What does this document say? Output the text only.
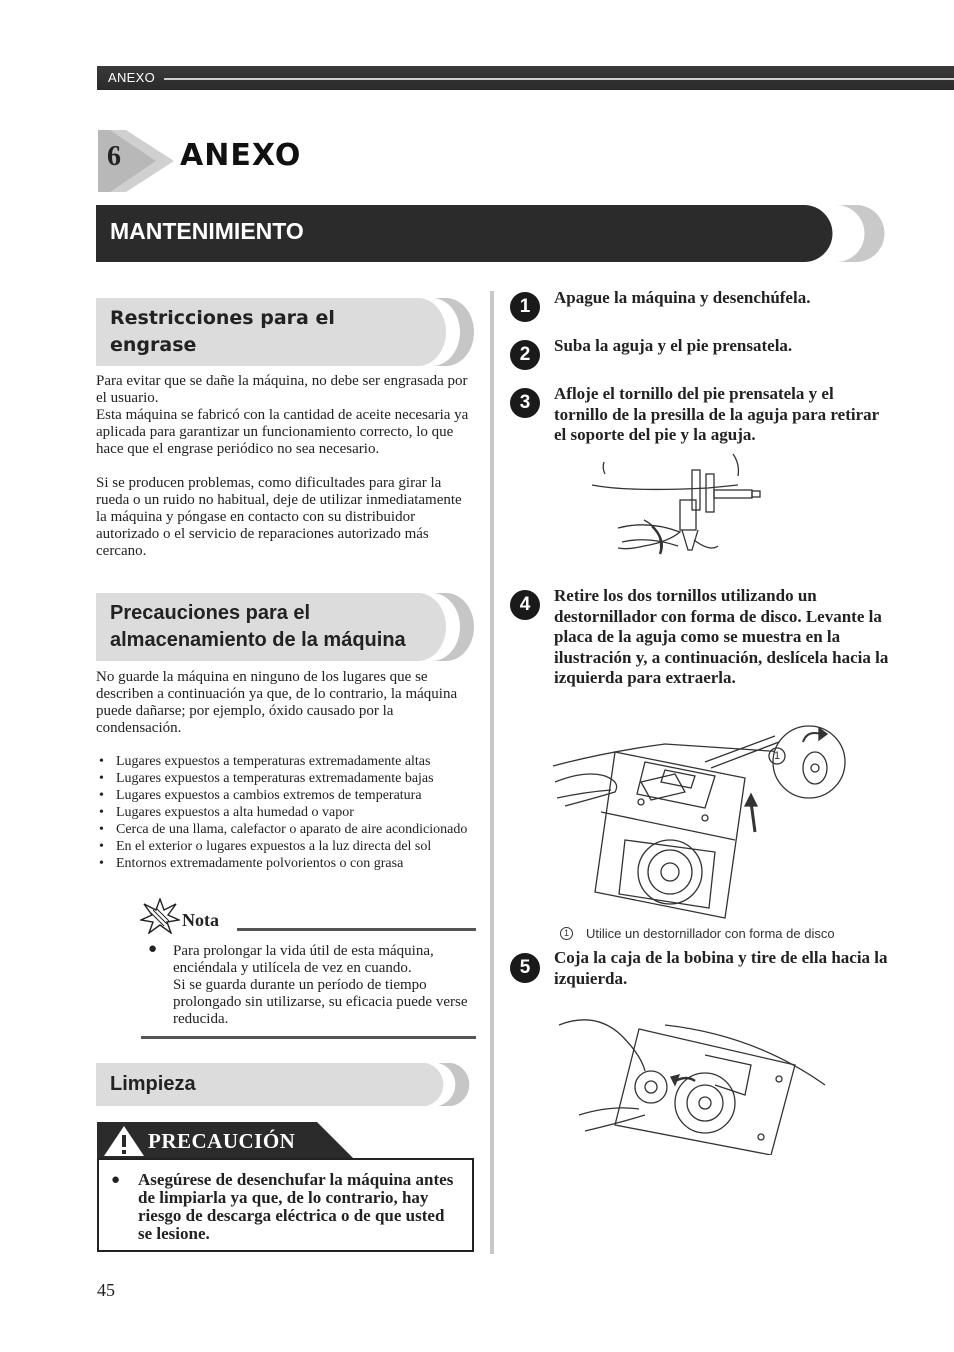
ANEXO
6 ANEXO
MANTENIMIENTO
Restricciones para el
engrase

Para evitar que se dañe la máquina, no debe ser engrasada por el usuario.

Esta máquina se fabricó con la cantidad de aceite necesaria ya aplicada para garantizar un funcionamiento correcto, lo que hace que el engrase periódico no sea necesario.

Si se producen problemas, como dificultades para girar la rueda o un ruido no habitual, deje de utilizar inmediatamente la máquina y póngase en contacto con su distribuidor autorizado o el servicio de reparaciones autorizado más cercano.

Precauciones para el
almacenamiento de la máquina
No guarde la máquina en ninguno de los lugares que se describen a continuación ya que, de lo contrario, la máquina puede dañarse; por ejemplo, óxido causado por la condensación.
• Lugares expuestos a temperaturas extremadamente altas
• Lugares expuestos a temperaturas extremadamente bajas
• Lugares expuestos a cambios extremos de temperatura
• Lugares expuestos a alta humedad o vapor
• Cerca de una llama, calefactor o aparato de aire acondicionado
• En el exterior o lugares expuestos a la luz directa del sol
• Entornos extremadamente polvorientos o con grasa
Nota
● Para prolongar la vida útil de esta máquina, enciéndala y utilícela de vez en cuando.
Si se guarda durante un período de tiempo prolongado sin utilizarse, su eficacia puede verse reducida.
Limpieza
PRECAUCIÓN
● Asegúrese de desenchufar la máquina antes de limpiarla ya que, de lo contrario, hay riesgo de descarga eléctrica o de que usted se lesione.
1	Apague la máquina y desenchúfela.
2	Suba la aguja y el pie prensatela.
3	Afloje el tornillo del pie prensatela y el tornillo de la presilla de la aguja para retirar el soporte del pie y la aguja.
4	Retire los dos tornillos utilizando un destornillador con forma de disco. Levante la placa de la aguja como se muestra en la ilustración y, a continuación, deslícela hacia la izquierda para extraerla.
1
1	Utilice un destornillador con forma de disco
5	Coja la caja de la bobina y tire de ella hacia la izquierda.
45
